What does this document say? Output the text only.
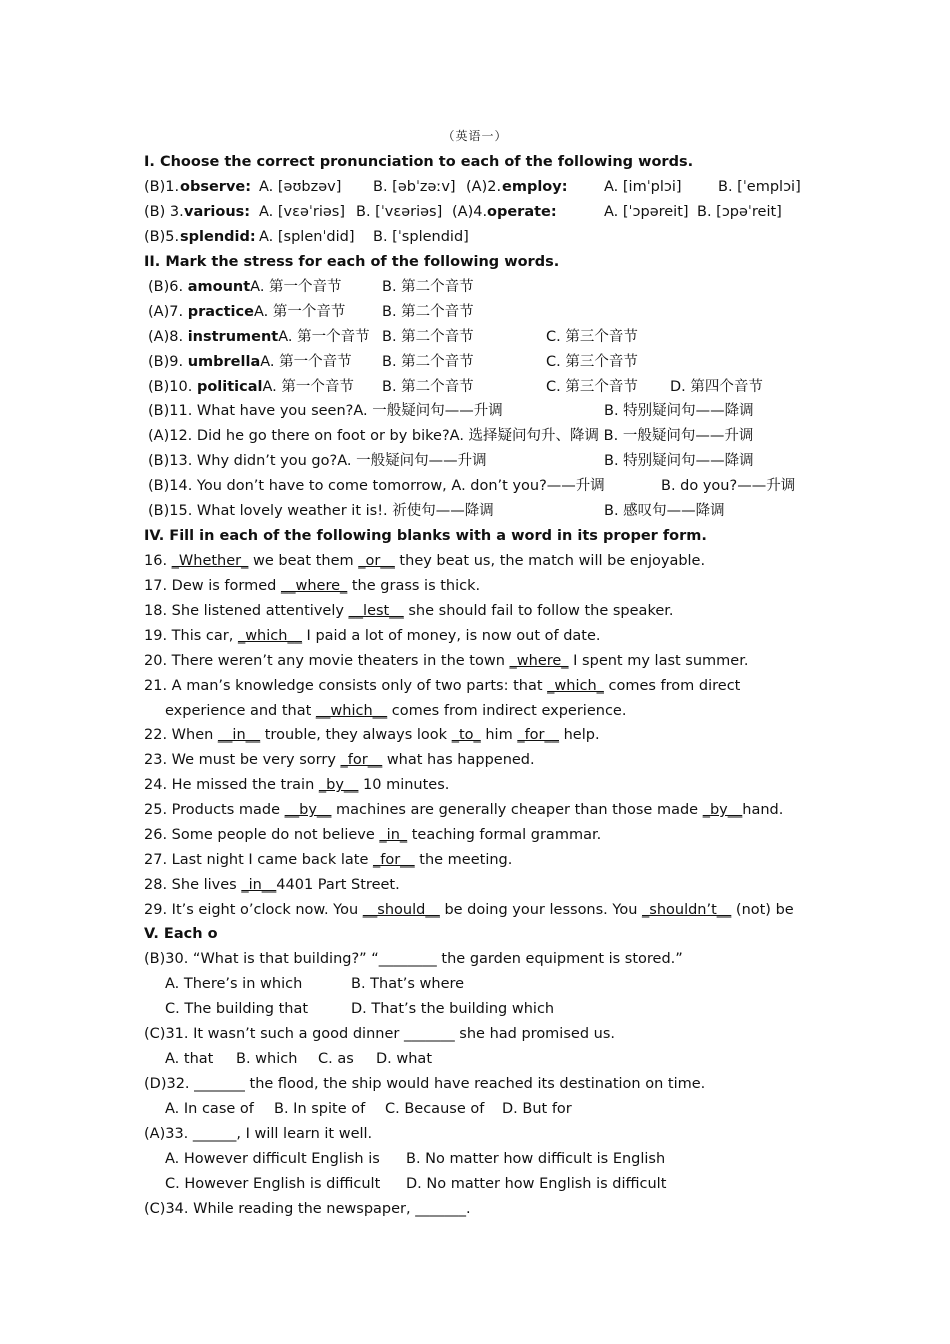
（英语一）
I. Choose the correct pronunciation to each of the following words.
(B)1. observe: A. [əʊbzəv] B. [əbˈzəːv] (A)2. employ:	A. [imˈplɔi]	B. [ˈemplɔi]
(B) 3. various: A. [vɛəˈriəs] B. [ˈvɛəriəs] (A)4. operate:	A. [ˈɔpəreit] B. [ɔpəˈreit]
(B)5. splendid: A. [splenˈdid] B. [ˈsplendid]
II. Mark the stress for each of the following words.
(B)6. amountA. 第一个音节	B. 第二个音节
(A)7. practiceA. 第一个音节	B. 第二个音节
(A)8. instrumentA. 第一个音节 B. 第二个音节	C. 第三个音节
(B)9. umbrellaA. 第一个音节 B. 第二个音节	C. 第三个音节
(B)10. politicalA. 第一个音节 B. 第二个音节	C. 第三个音节 D. 第四个音节
(B)11. What have you seen?A. 一般疑问句——升调	B. 特别疑问句——降调
(A)12. Did he go there on foot or by bike?A. 选择疑问句升、降调 B. 一般疑问句——升调
(B)13. Why didn’t you go?A. 一般疑问句——升调	B. 特别疑问句——降调
(B)14. You don’t have to come tomorrow, A. don’t you?——升调	B. do you?——升调
(B)15. What lovely weather it is!. 祈使句——降调	B. 感叹句——降调
IV. Fill in each of the following blanks with a word in its proper form.
16. _Whether_ we beat them _or__ they beat us, the match will be enjoyable.
17. Dew is formed __where_ the grass is thick.
18. She listened attentively __lest__ she should fail to follow the speaker.
19. This car, _which__ I paid a lot of money, is now out of date.
20. There weren’t any movie theaters in the town _where_ I spent my last summer.
21. A man’s knowledge consists only of two parts: that _which_ comes from direct
experience and that __which__ comes from indirect experience.
22. When __in__ trouble, they always look _to_ him _for__ help.
23. We must be very sorry _for__ what has happened.
24. He missed the train _by__ 10 minutes.
25. Products made __by__ machines are generally cheaper than those made _by__hand.
26. Some people do not believe _in_ teaching formal grammar.
27. Last night I came back late _for__ the meeting.
28. She lives _in__4401 Part Street.
29. It’s eight o’clock now. You __should__ be doing your lessons. You _shouldn’t__ (not) be
V. Each o
(B)30. “What is that building?” “________ the garden equipment is stored.”
A. There’s in which	B. That’s where
C. The building that	D. That’s the building which
(C)31. It wasn’t such a good dinner _______ she had promised us.
A. that B. which C. as D. what
(D)32. _______ the flood, the ship would have reached its destination on time.
A. In case of B. In spite of C. Because of D. But for
(A)33. ______, I will learn it well.
A. However difficult English is B. No matter how difficult is English
C. However English is difficult D. No matter how English is difficult
(C)34. While reading the newspaper, _______.
